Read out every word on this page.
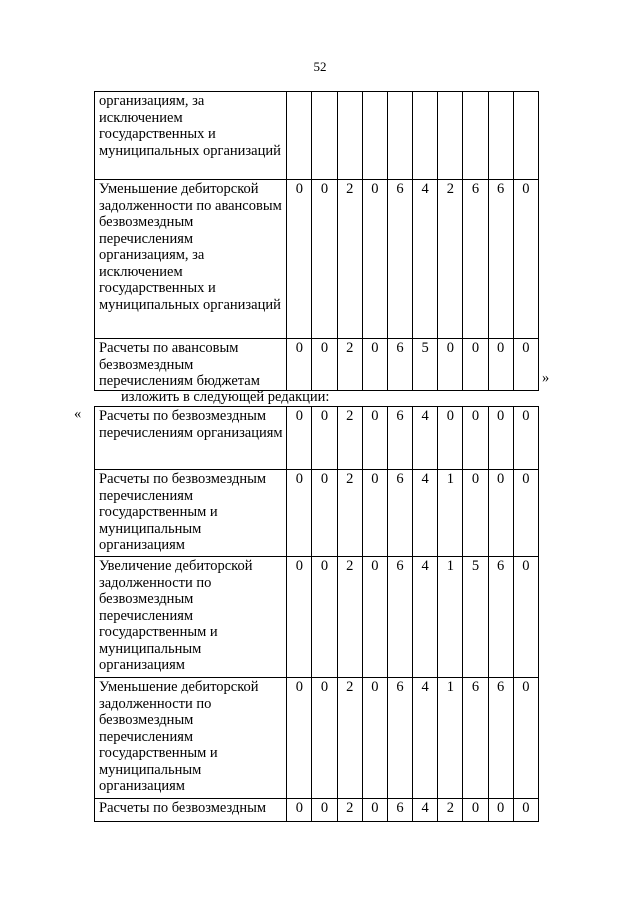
52
организациям, за исключением государственных и муниципальных организаций										

Уменьшение дебиторской задолженности по авансовым безвозмездным перечислениям организациям, за исключением государственных и муниципальных организаций	0	0	2	0	6	4	2	6	6	0

Расчеты по авансовым безвозмездным перечислениям бюджетам	0	0	2	0	6	5	0	0	0	0
»
изложить в следующей редакции:
« Расчеты по безвозмездным перечислениям организациям	0	0	2	0	6	4	0	0	0	0

Расчеты по безвозмездным перечислениям государственным и муниципальным организациям	0	0	2	0	6	4	1	0	0	0

Увеличение дебиторской задолженности по безвозмездным перечислениям государственным и муниципальным организациям	0	0	2	0	6	4	1	5	6	0

Уменьшение дебиторской задолженности по безвозмездным перечислениям государственным и муниципальным организациям	0	0	2	0	6	4	1	6	6	0

Расчеты по безвозмездным	0	0	2	0	6	4	2	0	0	0
